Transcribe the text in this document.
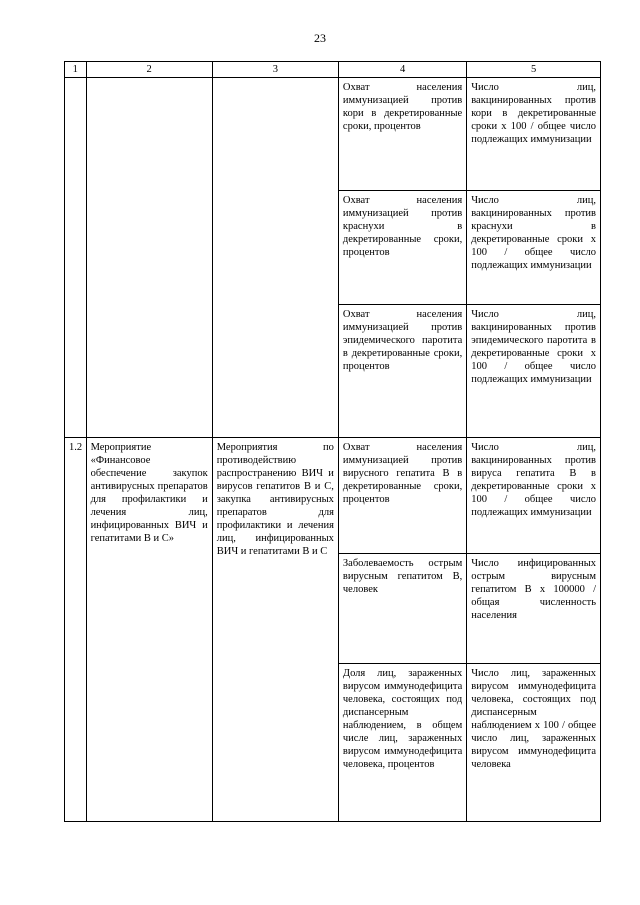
23
1	2	3	4	5
			Охват населения иммунизацией против кори в декретированные сроки, процентов	Число лиц, вакцинированных против кори в декретированные сроки х 100 / общее число подлежащих иммунизации
			Охват населения иммунизацией против краснухи в декретированные сроки, процентов	Число лиц, вакцинированных против краснухи в декретированные сроки х 100 / общее число подлежащих иммунизации
			Охват населения иммунизацией против эпидемического паротита в декретированные сроки, процентов	Число лиц, вакцинированных против эпидемического паротита в декретированные сроки х 100 / общее число подлежащих иммунизации
1.2	Мероприятие «Финансовое обеспечение закупок антивирусных препаратов для профилактики и лечения лиц, инфицированных ВИЧ и гепатитами В и С»	Мероприятия по противодействию распространению ВИЧ и вирусов гепатитов В и С, закупка антивирусных препаратов для профилактики и лечения лиц, инфицированных ВИЧ и гепатитами В и С	Охват населения иммунизацией против вирусного гепатита В в декретированные сроки, процентов	Число лиц, вакцинированных против вируса гепатита В в декретированные сроки х 100 / общее число подлежащих иммунизации
			Заболеваемость острым вирусным гепатитом В, человек	Число инфицированных острым вирусным гепатитом В х 100000 / общая численность населения
			Доля лиц, зараженных вирусом иммунодефицита человека, состоящих под диспансерным наблюдением, в общем числе лиц, зараженных вирусом иммунодефицита человека, процентов	Число лиц, зараженных вирусом иммунодефицита человека, состоящих под диспансерным наблюдением х 100 / общее число лиц, зараженных вирусом иммунодефицита человека
